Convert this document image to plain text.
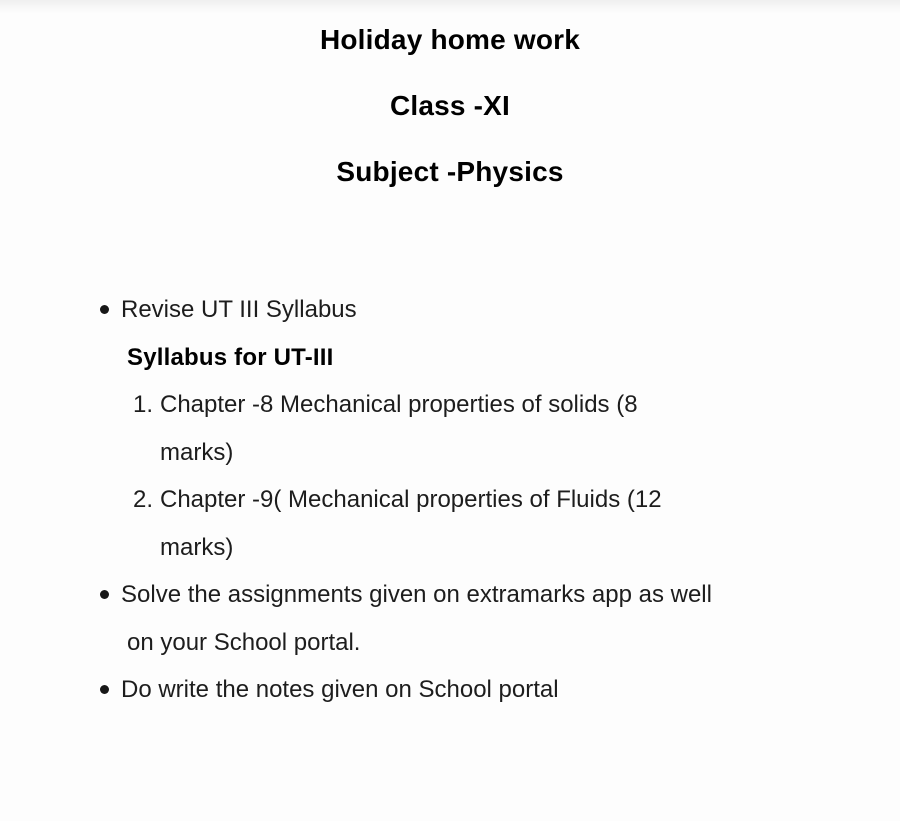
Holiday home work
Class -XI
Subject -Physics
Revise UT III Syllabus
Syllabus for UT-III
1. Chapter -8 Mechanical properties of solids (8
marks)
2. Chapter -9( Mechanical properties of Fluids (12
marks)
Solve the assignments given on extramarks app as well
on your School portal.
Do write the notes given on School portal
